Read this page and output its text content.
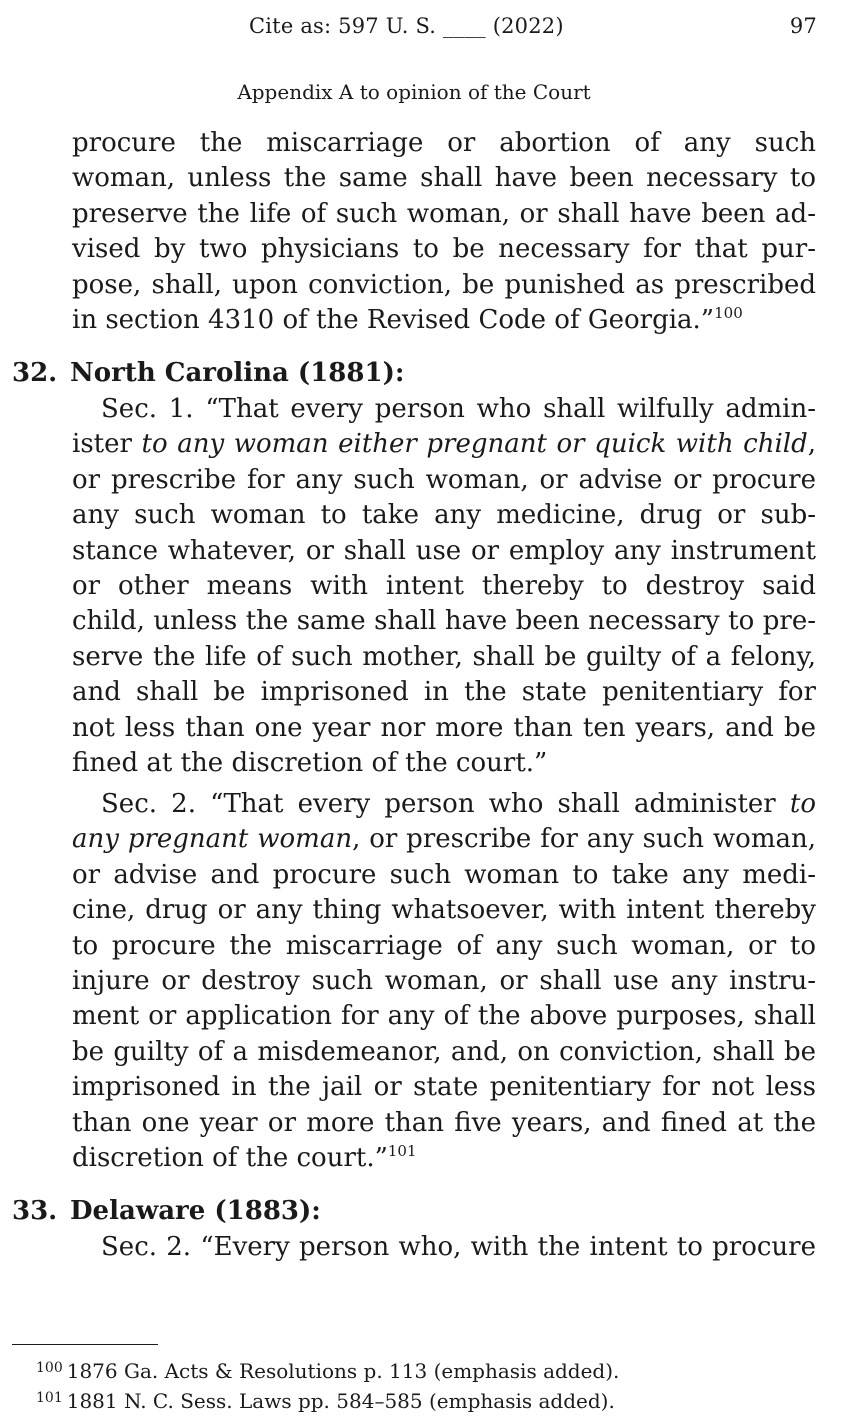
Cite as: 597 U. S. ____ (2022)	97
Appendix A to opinion of the Court
procure the miscarriage or abortion of any such
woman, unless the same shall have been necessary to
preserve the life of such woman, or shall have been ad-
vised by two physicians to be necessary for that pur-
pose, shall, upon conviction, be punished as prescribed
in section 4310 of the Revised Code of Georgia.”$^{100}$
32. North Carolina (1881):
Sec. 1. “That every person who shall wilfully admin-
ister to any woman either pregnant or quick with child,
or prescribe for any such woman, or advise or procure
any such woman to take any medicine, drug or sub-
stance whatever, or shall use or employ any instrument
or other means with intent thereby to destroy said
child, unless the same shall have been necessary to pre-
serve the life of such mother, shall be guilty of a felony,
and shall be imprisoned in the state penitentiary for
not less than one year nor more than ten years, and be
fined at the discretion of the court.”
Sec. 2. “That every person who shall administer to
any pregnant woman, or prescribe for any such woman,
or advise and procure such woman to take any medi-
cine, drug or any thing whatsoever, with intent thereby
to procure the miscarriage of any such woman, or to
injure or destroy such woman, or shall use any instru-
ment or application for any of the above purposes, shall
be guilty of a misdemeanor, and, on conviction, shall be
imprisoned in the jail or state penitentiary for not less
than one year or more than five years, and fined at the
discretion of the court.”$^{101}$
33. Delaware (1883):
Sec. 2. “Every person who, with the intent to procure
$^{100}$ 1876 Ga. Acts & Resolutions p. 113 (emphasis added).
$^{101}$ 1881 N. C. Sess. Laws pp. 584–585 (emphasis added).
